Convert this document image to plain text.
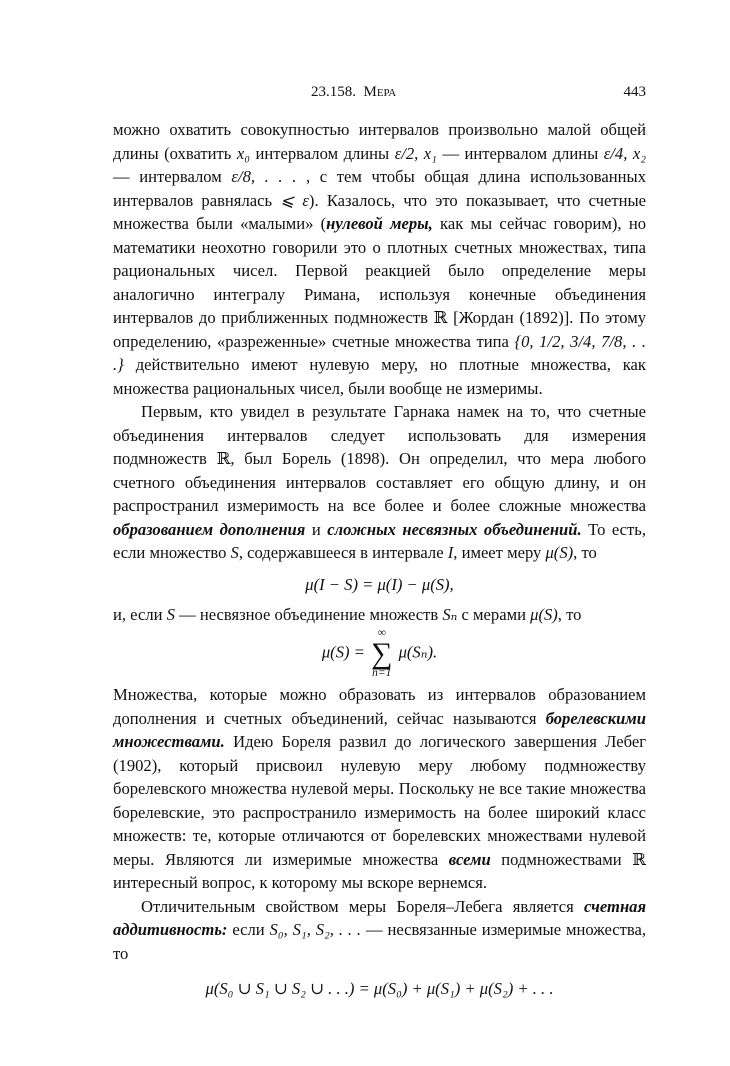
23.158. Мера	443

можно охватить совокупностью интервалов произвольно малой общей длины (охватить x₀ интервалом длины ε/2, x₁ — интервалом длины ε/4, x₂ — интервалом ε/8, . . . , с тем чтобы общая длина использованных интервалов равнялась ⩽ ε). Казалось, что это показывает, что счетные множества были «малыми» (нулевой меры, как мы сейчас говорим), но математики неохотно говорили это о плотных счетных множествах, типа рациональных чисел. Первой реакцией было определение меры аналогично интегралу Римана, используя конечные объединения интервалов до приближенных подмножеств ℝ [Жордан (1892)]. По этому определению, «разреженные» счетные множества типа {0, 1/2, 3/4, 7/8, . . .} действительно имеют нулевую меру, но плотные множества, как множества рациональных чисел, были вообще не измеримы.

Первым, кто увидел в результате Гарнака намек на то, что счетные объединения интервалов следует использовать для измерения подмножеств ℝ, был Борель (1898). Он определил, что мера любого счетного объединения интервалов составляет его общую длину, и он распространил измеримость на все более и более сложные множества образованием дополнения и сложных несвязных объединений. То есть, если множество S, содержавшееся в интервале I, имеет меру μ(S), то

μ(I − S) = μ(I) − μ(S),

и, если S — несвязное объединение множеств Sₙ с мерами μ(S), то

μ(S) =
∞
∑
n=1
μ(Sₙ).

Множества, которые можно образовать из интервалов образованием дополнения и счетных объединений, сейчас называются борелевскими множествами. Идею Бореля развил до логического завершения Лебег (1902), который присвоил нулевую меру любому подмножеству борелевского множества нулевой меры. Поскольку не все такие множества борелевские, это распространило измеримость на более широкий класс множеств: те, которые отличаются от борелевских множествами нулевой меры. Являются ли измеримые множества всеми подмножествами ℝ интересный вопрос, к которому мы вскоре вернемся.

Отличительным свойством меры Бореля–Лебега является счетная аддитивность: если S₀, S₁, S₂, . . . — несвязанные измеримые множества, то

μ(S₀ ∪ S₁ ∪ S₂ ∪ . . .) = μ(S₀) + μ(S₁) + μ(S₂) + . . .
